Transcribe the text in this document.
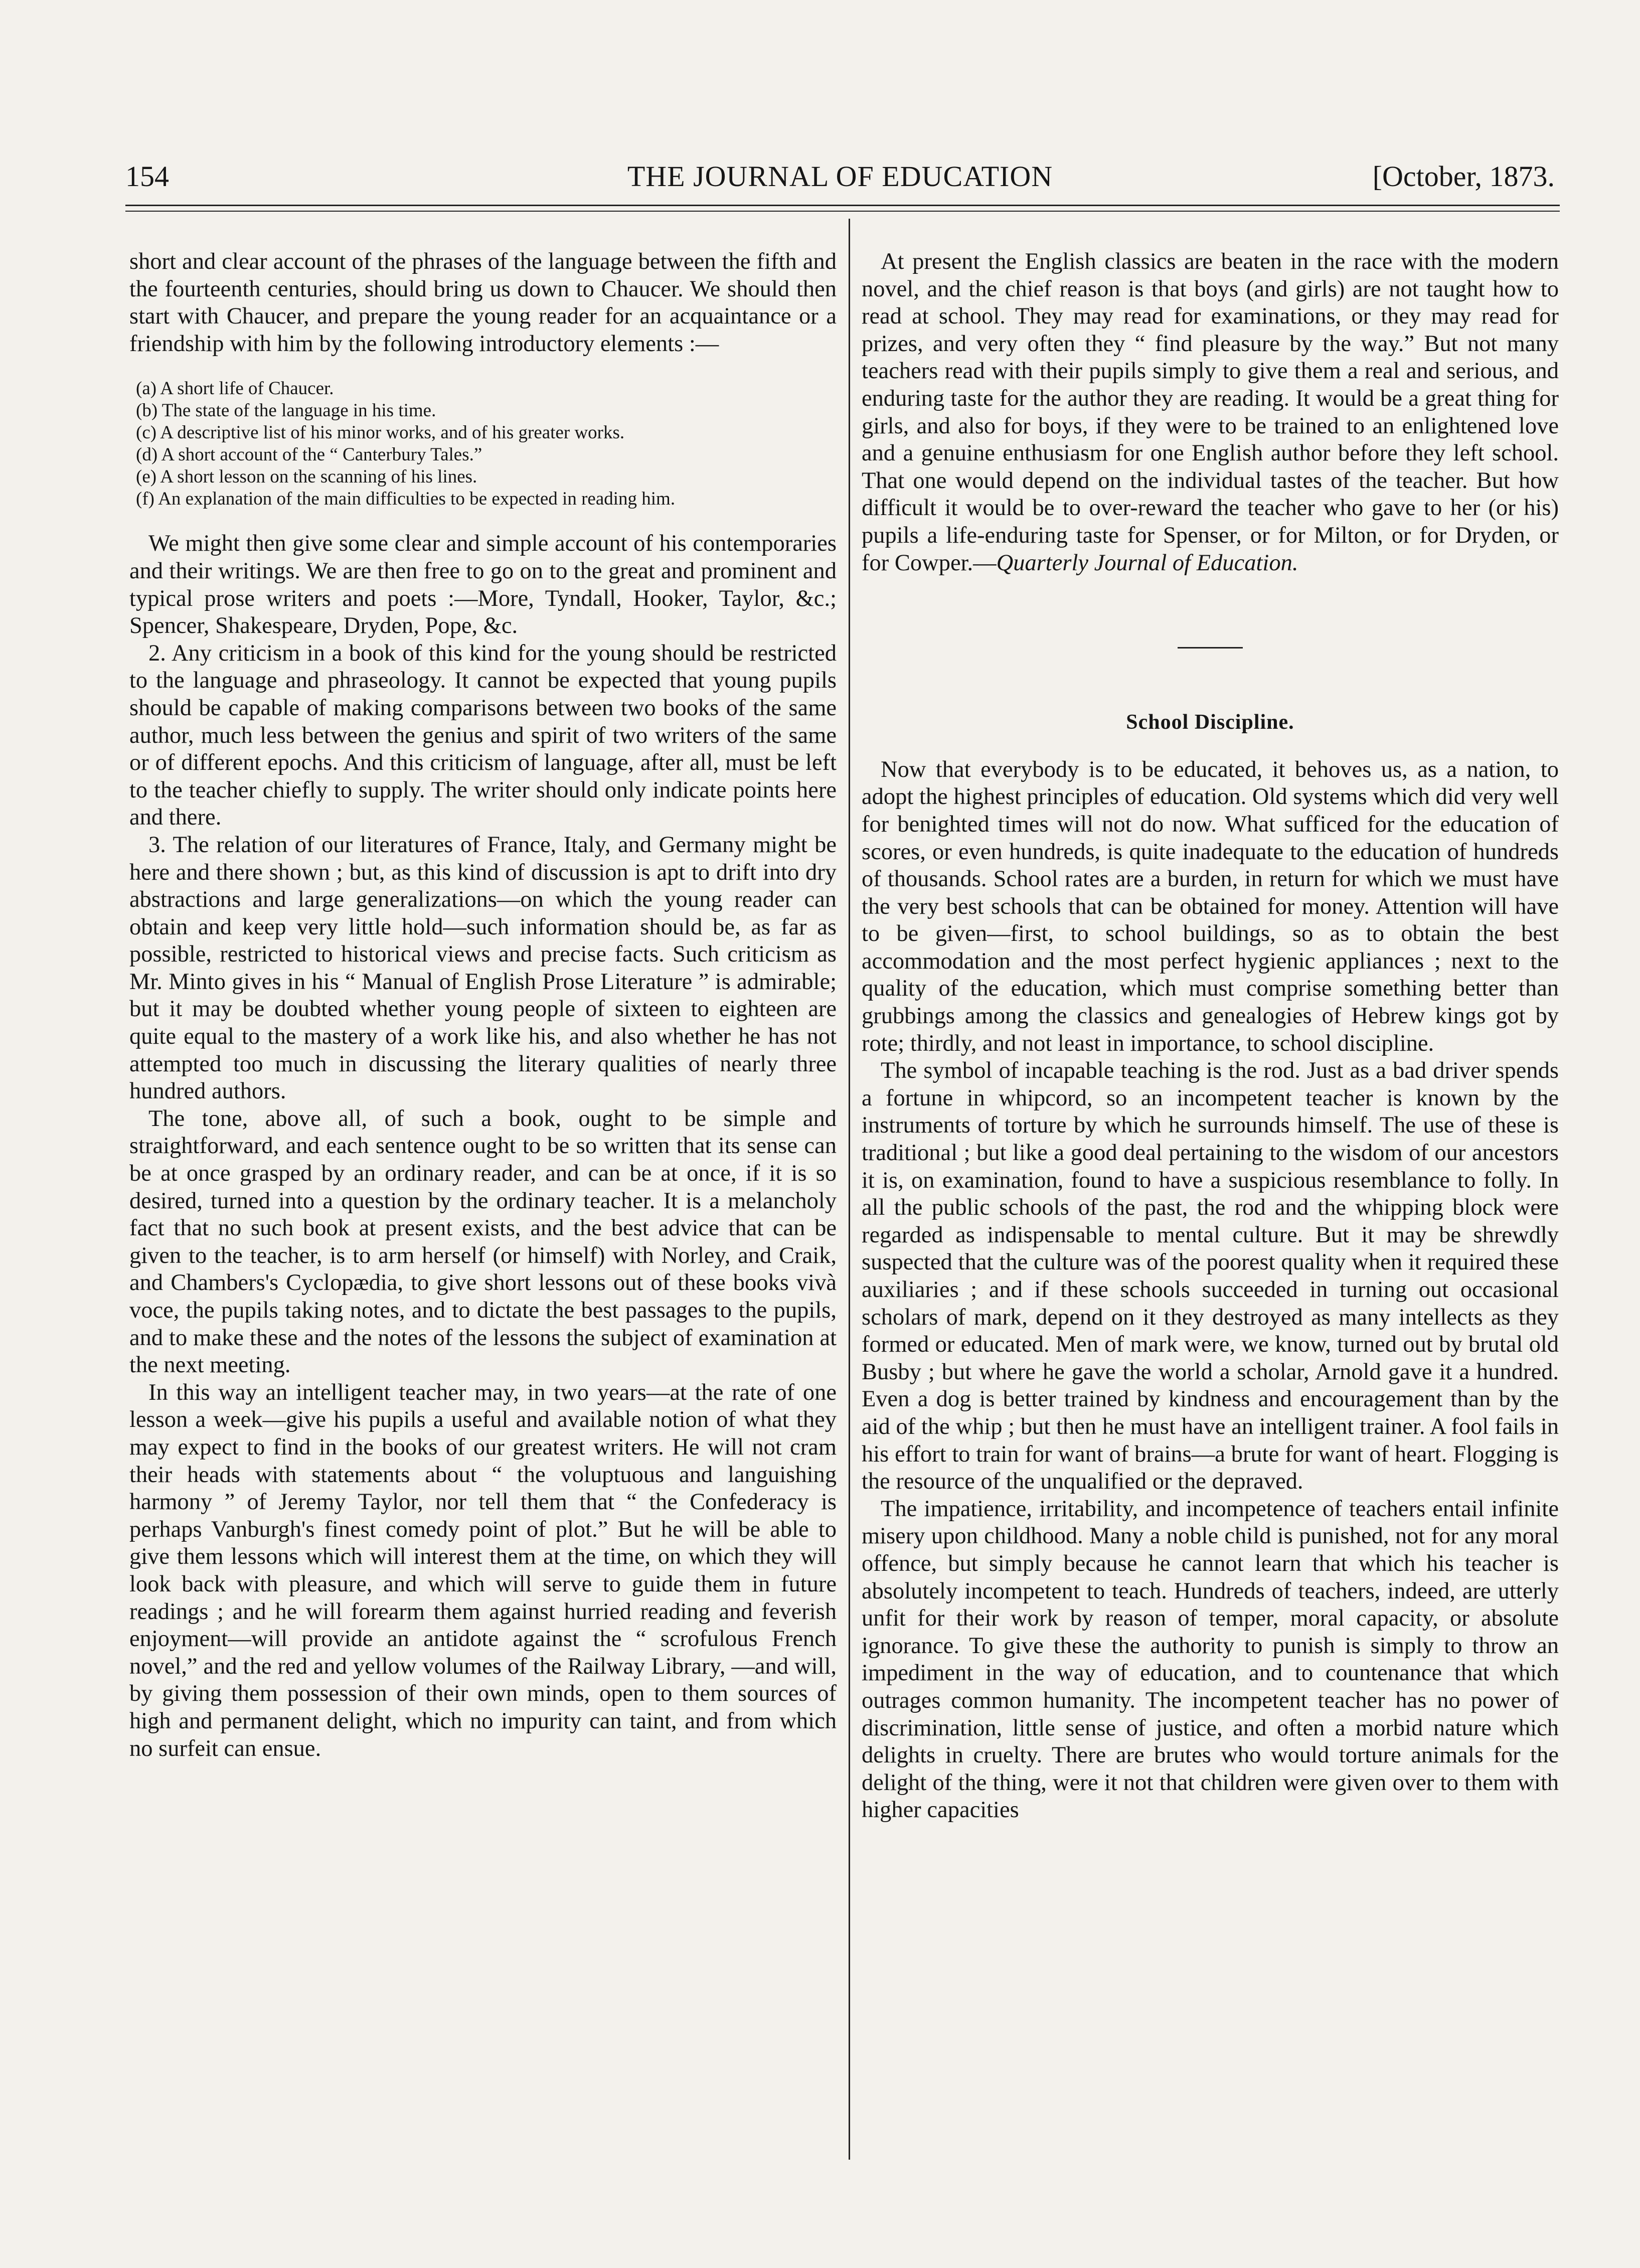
154	THE JOURNAL OF EDUCATION	[October, 1873.

short and clear account of the phrases of the language between the fifth and the fourteenth centuries, should bring us down to Chaucer. We should then start with Chaucer, and prepare the young reader for an acquaintance or a friendship with him by the following introductory elements :—

(a) A short life of Chaucer.
(b) The state of the language in his time.
(c) A descriptive list of his minor works, and of his greater works.
(d) A short account of the “ Canterbury Tales.”
(e) A short lesson on the scanning of his lines.
(f) An explanation of the main difficulties to be expected in reading him.

We might then give some clear and simple account of his contemporaries and their writings. We are then free to go on to the great and prominent and typical prose writers and poets :—More, Tyndall, Hooker, Taylor, &c.; Spencer, Shakespeare, Dryden, Pope, &c.

2. Any criticism in a book of this kind for the young should be restricted to the language and phraseology. It cannot be expected that young pupils should be capable of making comparisons between two books of the same author, much less between the genius and spirit of two writers of the same or of different epochs. And this criticism of language, after all, must be left to the teacher chiefly to supply. The writer should only indicate points here and there.

3. The relation of our literatures of France, Italy, and Germany might be here and there shown ; but, as this kind of discussion is apt to drift into dry abstractions and large generalizations—on which the young reader can obtain and keep very little hold—such information should be, as far as possible, restricted to historical views and precise facts. Such criticism as Mr. Minto gives in his “ Manual of English Prose Literature ” is admirable; but it may be doubted whether young people of sixteen to eighteen are quite equal to the mastery of a work like his, and also whether he has not attempted too much in discussing the literary qualities of nearly three hundred authors.

The tone, above all, of such a book, ought to be simple and straightforward, and each sentence ought to be so written that its sense can be at once grasped by an ordinary reader, and can be at once, if it is so desired, turned into a question by the ordinary teacher. It is a melancholy fact that no such book at present exists, and the best advice that can be given to the teacher, is to arm herself (or himself) with Norley, and Craik, and Chambers's Cyclopædia, to give short lessons out of these books vivà voce, the pupils taking notes, and to dictate the best passages to the pupils, and to make these and the notes of the lessons the subject of examination at the next meeting.

In this way an intelligent teacher may, in two years—at the rate of one lesson a week—give his pupils a useful and available notion of what they may expect to find in the books of our greatest writers. He will not cram their heads with statements about “ the voluptuous and languishing harmony ” of Jeremy Taylor, nor tell them that “ the Confederacy is perhaps Vanburgh's finest comedy point of plot.” But he will be able to give them lessons which will interest them at the time, on which they will look back with pleasure, and which will serve to guide them in future readings ; and he will forearm them against hurried reading and feverish enjoyment—will provide an antidote against the “ scrofulous French novel,” and the red and yellow volumes of the Railway Library, —and will, by giving them possession of their own minds, open to them sources of high and permanent delight, which no impurity can taint, and from which no surfeit can ensue.

At present the English classics are beaten in the race with the modern novel, and the chief reason is that boys (and girls) are not taught how to read at school. They may read for examinations, or they may read for prizes, and very often they “ find pleasure by the way.” But not many teachers read with their pupils simply to give them a real and serious, and enduring taste for the author they are reading. It would be a great thing for girls, and also for boys, if they were to be trained to an enlightened love and a genuine enthusiasm for one English author before they left school. That one would depend on the individual tastes of the teacher. But how difficult it would be to over-reward the teacher who gave to her (or his) pupils a life-enduring taste for Spenser, or for Milton, or for Dryden, or for Cowper.—Quarterly Journal of Education.

School Discipline.

Now that everybody is to be educated, it behoves us, as a nation, to adopt the highest principles of education. Old systems which did very well for benighted times will not do now. What sufficed for the education of scores, or even hundreds, is quite inadequate to the education of hundreds of thousands. School rates are a burden, in return for which we must have the very best schools that can be obtained for money. Attention will have to be given—first, to school buildings, so as to obtain the best accommodation and the most perfect hygienic appliances ; next to the quality of the education, which must comprise something better than grubbings among the classics and genealogies of Hebrew kings got by rote; thirdly, and not least in importance, to school discipline.

The symbol of incapable teaching is the rod. Just as a bad driver spends a fortune in whipcord, so an incompetent teacher is known by the instruments of torture by which he surrounds himself. The use of these is traditional ; but like a good deal pertaining to the wisdom of our ancestors it is, on examination, found to have a suspicious resemblance to folly. In all the public schools of the past, the rod and the whipping block were regarded as indispensable to mental culture. But it may be shrewdly suspected that the culture was of the poorest quality when it required these auxiliaries ; and if these schools succeeded in turning out occasional scholars of mark, depend on it they destroyed as many intellects as they formed or educated. Men of mark were, we know, turned out by brutal old Busby ; but where he gave the world a scholar, Arnold gave it a hundred. Even a dog is better trained by kindness and encouragement than by the aid of the whip ; but then he must have an intelligent trainer. A fool fails in his effort to train for want of brains—a brute for want of heart. Flogging is the resource of the unqualified or the depraved.

The impatience, irritability, and incompetence of teachers entail infinite misery upon childhood. Many a noble child is punished, not for any moral offence, but simply because he cannot learn that which his teacher is absolutely incompetent to teach. Hundreds of teachers, indeed, are utterly unfit for their work by reason of temper, moral capacity, or absolute ignorance. To give these the authority to punish is simply to throw an impediment in the way of education, and to countenance that which outrages common humanity. The incompetent teacher has no power of discrimination, little sense of justice, and often a morbid nature which delights in cruelty. There are brutes who would torture animals for the delight of the thing, were it not that children were given over to them with higher capacities
